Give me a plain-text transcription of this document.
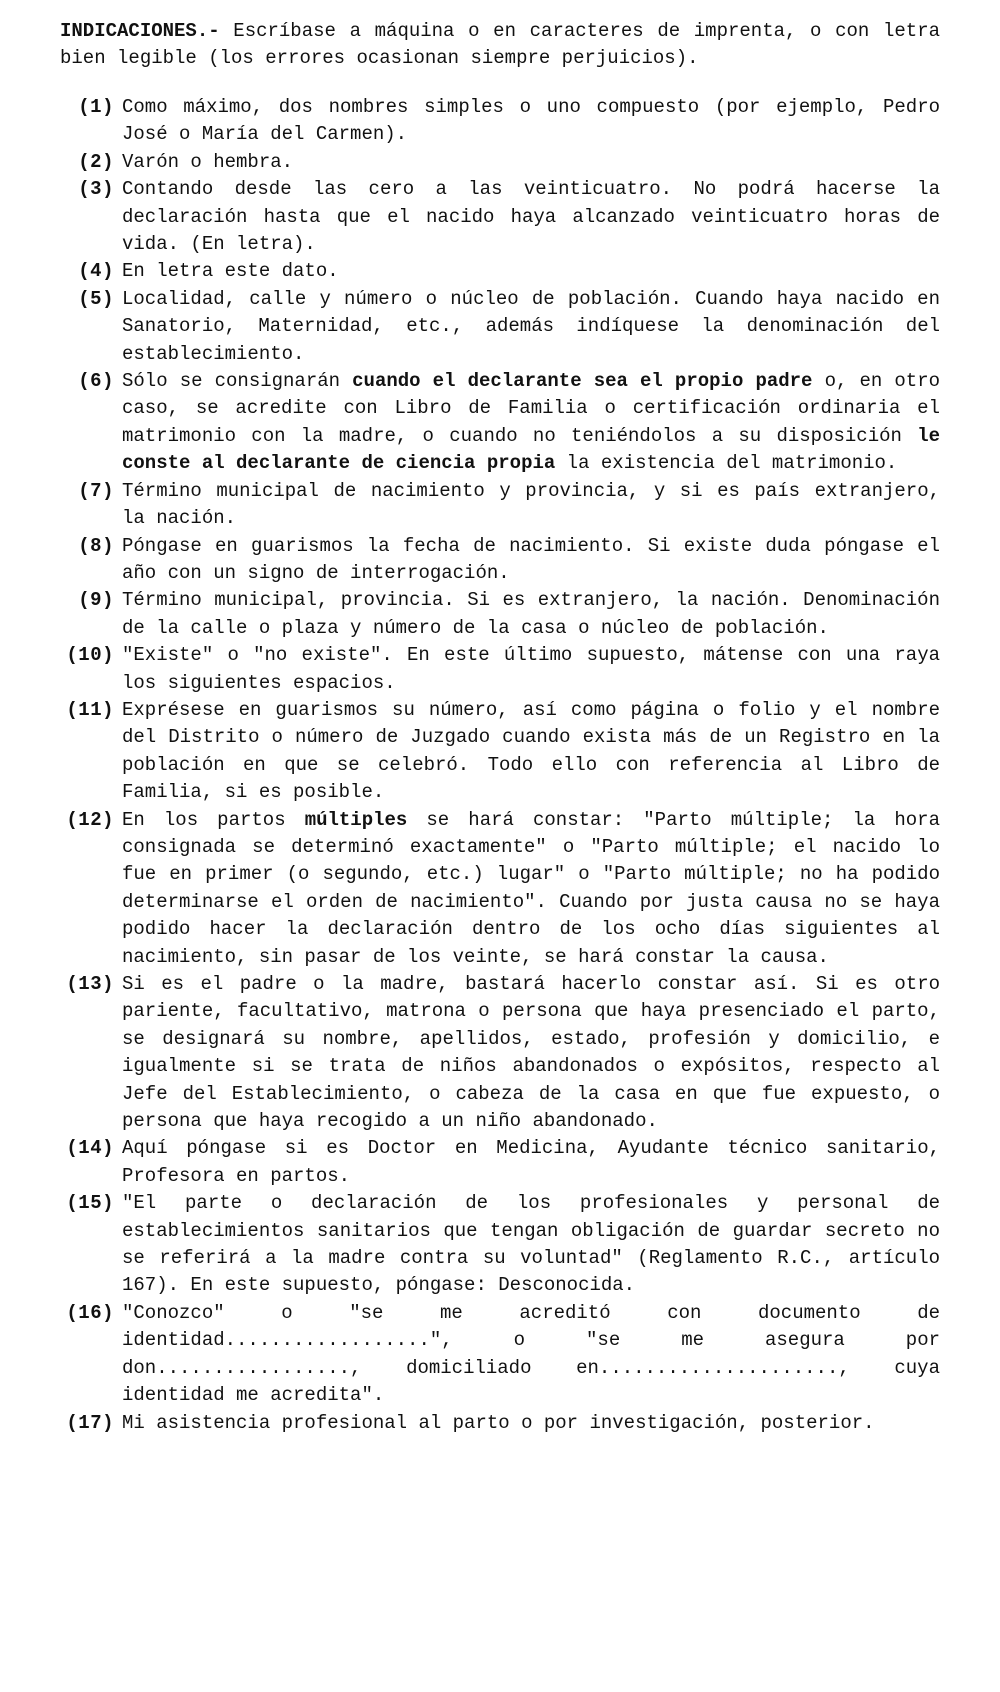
INDICACIONES.- Escríbase a máquina o en caracteres de imprenta, o con letra bien legible (los errores ocasionan siempre perjuicios).

(1) Como máximo, dos nombres simples o uno compuesto (por ejemplo, Pedro José o María del Carmen).
(2) Varón o hembra.
(3) Contando desde las cero a las veinticuatro. No podrá hacerse la declaración hasta que el nacido haya alcanzado veinticuatro horas de vida. (En letra).
(4) En letra este dato.
(5) Localidad, calle y número o núcleo de población. Cuando haya nacido en Sanatorio, Maternidad, etc., además indíquese la denominación del establecimiento.
(6) Sólo se consignarán cuando el declarante sea el propio padre o, en otro caso, se acredite con Libro de Familia o certificación ordinaria el matrimonio con la madre, o cuando no teniéndolos a su disposición le conste al declarante de ciencia propia la existencia del matrimonio.
(7) Término municipal de nacimiento y provincia, y si es país extranjero, la nación.
(8) Póngase en guarismos la fecha de nacimiento. Si existe duda póngase el año con un signo de interrogación.
(9) Término municipal, provincia. Si es extranjero, la nación. Denominación de la calle o plaza y número de la casa o núcleo de población.
(10) "Existe" o "no existe". En este último supuesto, mátense con una raya los siguientes espacios.
(11) Exprésese en guarismos su número, así como página o folio y el nombre del Distrito o número de Juzgado cuando exista más de un Registro en la población en que se celebró. Todo ello con referencia al Libro de Familia, si es posible.
(12) En los partos múltiples se hará constar: "Parto múltiple; la hora consignada se determinó exactamente" o "Parto múltiple; el nacido lo fue en primer (o segundo, etc.) lugar" o "Parto múltiple; no ha podido determinarse el orden de nacimiento". Cuando por justa causa no se haya podido hacer la declaración dentro de los ocho días siguientes al nacimiento, sin pasar de los veinte, se hará constar la causa.
(13) Si es el padre o la madre, bastará hacerlo constar así. Si es otro pariente, facultativo, matrona o persona que haya presenciado el parto, se designará su nombre, apellidos, estado, profesión y domicilio, e igualmente si se trata de niños abandonados o expósitos, respecto al Jefe del Establecimiento, o cabeza de la casa en que fue expuesto, o persona que haya recogido a un niño abandonado.
(14) Aquí póngase si es Doctor en Medicina, Ayudante técnico sanitario, Profesora en partos.
(15) "El parte o declaración de los profesionales y personal de establecimientos sanitarios que tengan obligación de guardar secreto no se referirá a la madre contra su voluntad" (Reglamento R.C., artículo 167). En este supuesto, póngase: Desconocida.
(16) "Conozco" o "se me acreditó con documento de identidad..................", o "se me asegura por don................., domiciliado en....................., cuya identidad me acredita".
(17) Mi asistencia profesional al parto o por investigación, posterior.
